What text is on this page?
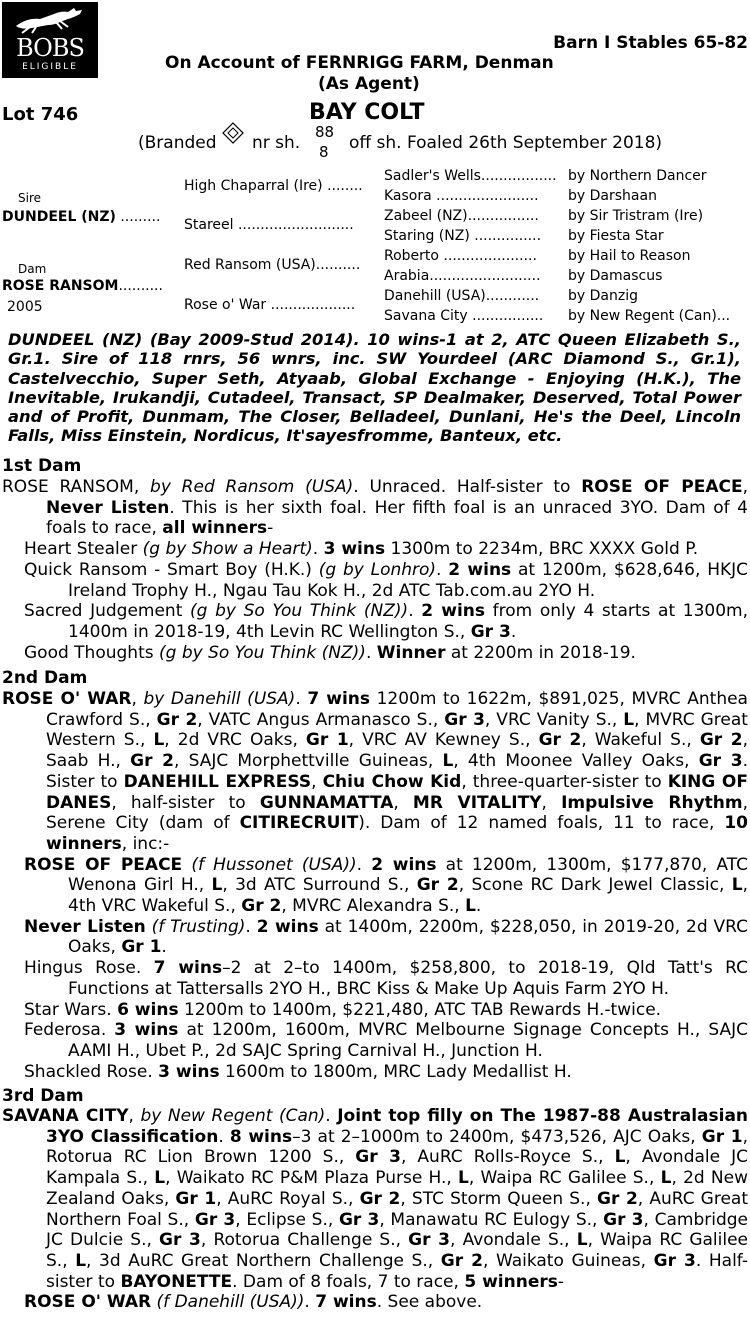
BOBS
ELIGIBLE
Barn I Stables 65-82
On Account of FERNRIGG FARM, Denman
(As Agent)
Lot 746	BAY COLT
(Branded nr sh.
88
8 off sh. Foaled 26th September 2018)
Sire
DUNDEEL (NZ) .........
Dam
ROSE RANSOM..........
2005
High Chaparral (Ire) ........
Stareel ..........................
Red Ransom (USA)..........
Rose o' War ...................
Sadler's Wells.................
Kasora .......................
Zabeel (NZ)................
Staring (NZ) ...............
Roberto .....................
Arabia.........................
Danehill (USA)............
Savana City ................
by Northern Dancer
by Darshaan
by Sir Tristram (Ire)
by Fiesta Star
by Hail to Reason
by Damascus
by Danzig
by New Regent (Can)...
DUNDEEL (NZ) (Bay 2009-Stud 2014). 10 wins-1 at 2, ATC Queen Elizabeth S., Gr.1. Sire of 118 rnrs, 56 wnrs, inc. SW Yourdeel (ARC Diamond S., Gr.1), Castelvecchio, Super Seth, Atyaab, Global Exchange - Enjoying (H.K.), The Inevitable, Irukandji, Cutadeel, Transact, SP Dealmaker, Deserved, Total Power and of Profit, Dunmam, The Closer, Belladeel, Dunlani, He's the Deel, Lincoln Falls, Miss Einstein, Nordicus, It'sayesfromme, Banteux, etc.
1st Dam
ROSE RANSOM, by Red Ransom (USA). Unraced. Half-sister to ROSE OF PEACE, Never Listen. This is her sixth foal. Her fifth foal is an unraced 3YO. Dam of 4 foals to race, all winners-
Heart Stealer (g by Show a Heart). 3 wins 1300m to 2234m, BRC XXXX Gold P.
Quick Ransom - Smart Boy (H.K.) (g by Lonhro). 2 wins at 1200m, $628,646, HKJC Ireland Trophy H., Ngau Tau Kok H., 2d ATC Tab.com.au 2YO H.
Sacred Judgement (g by So You Think (NZ)). 2 wins from only 4 starts at 1300m, 1400m in 2018-19, 4th Levin RC Wellington S., Gr 3.
Good Thoughts (g by So You Think (NZ)). Winner at 2200m in 2018-19.
2nd Dam
ROSE O' WAR, by Danehill (USA). 7 wins 1200m to 1622m, $891,025, MVRC Anthea Crawford S., Gr 2, VATC Angus Armanasco S., Gr 3, VRC Vanity S., L, MVRC Great Western S., L, 2d VRC Oaks, Gr 1, VRC AV Kewney S., Gr 2, Wakeful S., Gr 2, Saab H., Gr 2, SAJC Morphettville Guineas, L, 4th Moonee Valley Oaks, Gr 3. Sister to DANEHILL EXPRESS, Chiu Chow Kid, three-quarter-sister to KING OF DANES, half-sister to GUNNAMATTA, MR VITALITY, Impulsive Rhythm, Serene City (dam of CITIRECRUIT). Dam of 12 named foals, 11 to race, 10 winners, inc:-
ROSE OF PEACE (f Hussonet (USA)). 2 wins at 1200m, 1300m, $177,870, ATC Wenona Girl H., L, 3d ATC Surround S., Gr 2, Scone RC Dark Jewel Classic, L, 4th VRC Wakeful S., Gr 2, MVRC Alexandra S., L.
Never Listen (f Trusting). 2 wins at 1400m, 2200m, $228,050, in 2019-20, 2d VRC Oaks, Gr 1.
Hingus Rose. 7 wins–2 at 2–to 1400m, $258,800, to 2018-19, Qld Tatt's RC Functions at Tattersalls 2YO H., BRC Kiss & Make Up Aquis Farm 2YO H.
Star Wars. 6 wins 1200m to 1400m, $221,480, ATC TAB Rewards H.-twice.
Federosa. 3 wins at 1200m, 1600m, MVRC Melbourne Signage Concepts H., SAJC AAMI H., Ubet P., 2d SAJC Spring Carnival H., Junction H.
Shackled Rose. 3 wins 1600m to 1800m, MRC Lady Medallist H.
3rd Dam
SAVANA CITY, by New Regent (Can). Joint top filly on The 1987-88 Australasian 3YO Classification. 8 wins–3 at 2–1000m to 2400m, $473,526, AJC Oaks, Gr 1, Rotorua RC Lion Brown 1200 S., Gr 3, AuRC Rolls-Royce S., L, Avondale JC Kampala S., L, Waikato RC P&M Plaza Purse H., L, Waipa RC Galilee S., L, 2d New Zealand Oaks, Gr 1, AuRC Royal S., Gr 2, STC Storm Queen S., Gr 2, AuRC Great Northern Foal S., Gr 3, Eclipse S., Gr 3, Manawatu RC Eulogy S., Gr 3, Cambridge JC Dulcie S., Gr 3, Rotorua Challenge S., Gr 3, Avondale S., L, Waipa RC Galilee S., L, 3d AuRC Great Northern Challenge S., Gr 2, Waikato Guineas, Gr 3. Half-sister to BAYONETTE. Dam of 8 foals, 7 to race, 5 winners-
ROSE O' WAR (f Danehill (USA)). 7 wins. See above.
